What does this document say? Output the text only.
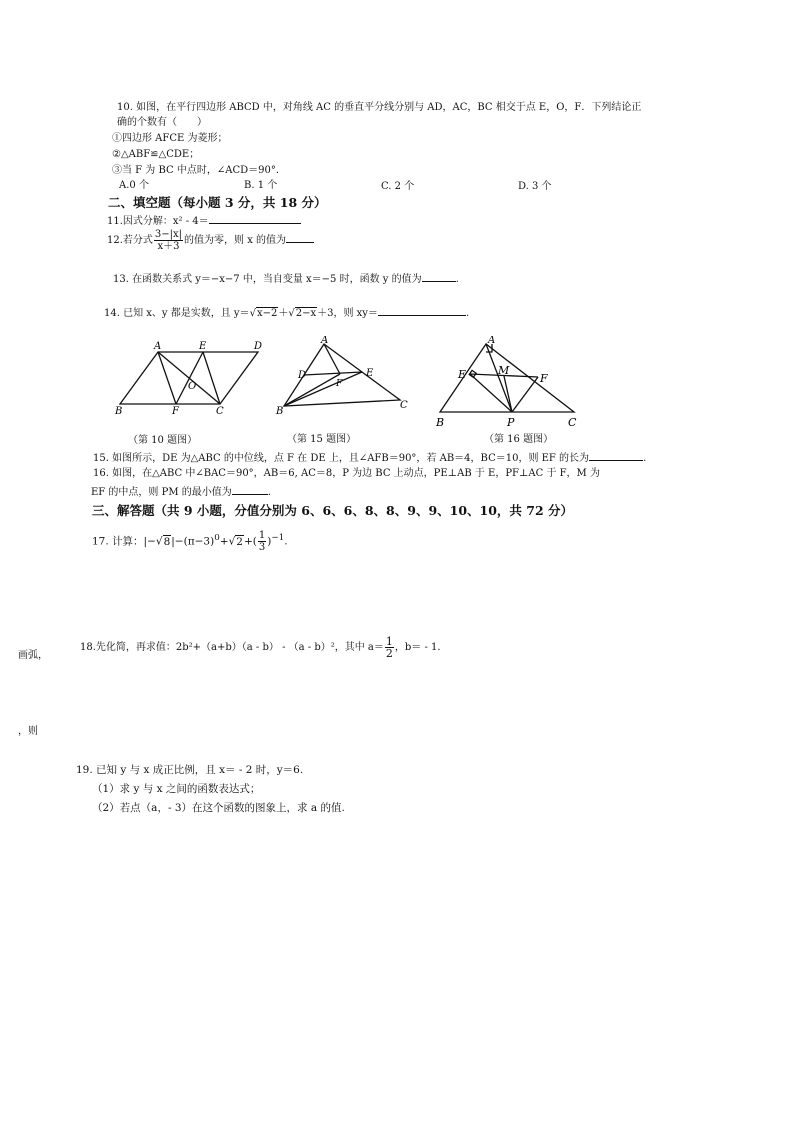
10. 如图，在平行四边形 ABCD 中，对角线 AC 的垂直平分线分别与 AD，AC，BC 相交于点 E，O，F．下列结论正
确的个数有（　　）
①四边形 AFCE 为菱形；
②△ABF≌△CDE；
③当 F 为 BC 中点时，∠ACD＝90°．
A.0 个	B. 1 个	C. 2 个	D. 3 个
二、填空题（每小题 3 分，共 18 分）
11.因式分解：x² - 4＝
12.若分式 $\frac{3-|x|}{x+3}$ 的值为零，则 x 的值为
13. 在函数关系式 y＝−x−7 中，当自变量 x＝−5 时，函数 y 的值为	.
14. 已知 x、y 都是实数，且 y＝√x−2＋√2−x＋3，则 xy＝	.
A	E	D
O
B	F	C
A
D	E
F
B
C
A
E	M
F
B	P	C
（第 10 题图）	（第 15 题图）	（第 16 题图）
15. 如图所示，DE 为△ABC 的中位线，点 F 在 DE 上，且∠AFB＝90°，若 AB＝4，BC＝10，则 EF 的长为	.
16. 如图，在△ABC 中∠BAC＝90°，AB＝6, AC＝8，P 为边 BC 上动点，PE⊥AB 于 E，PF⊥AC 于 F，M 为
EF 的中点，则 PM 的最小值为	.
三、解答题（共 9 小题，分值分别为 6、6、6、8、8、9、9、10、10，共 72 分）
17. 计算：$|-√8|-(\pi-3)^0+√2+( \frac{1}{3} )^{-1}$.
画弧，
，则
18.先化简，再求值：2b²+（a+b）（a - b） - （a - b）²，其中 $a= \frac{1}{2}$ ，b＝ - 1.
19. 已知 y 与 x 成正比例，且 x＝ - 2 时，y＝6.
（1）求 y 与 x 之间的函数表达式；
（2）若点（a，- 3）在这个函数的图象上，求 a 的值.
